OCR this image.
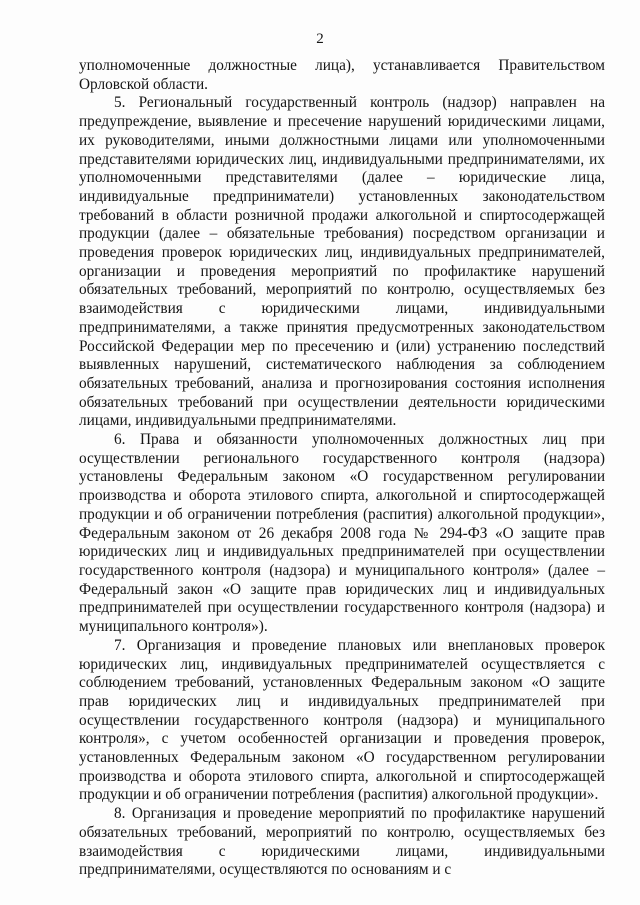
2

уполномоченные должностные лица), устанавливается Правительством Орловской области.

5. Региональный государственный контроль (надзор) направлен на предупреждение, выявление и пресечение нарушений юридическими лицами, их руководителями, иными должностными лицами или уполномоченными представителями юридических лиц, индивидуальными предпринимателями, их уполномоченными представителями (далее – юридические лица, индивидуальные предприниматели) установленных законодательством требований в области розничной продажи алкогольной и спиртосодержащей продукции (далее – обязательные требования) посредством организации и проведения проверок юридических лиц, индивидуальных предпринимателей, организации и проведения мероприятий по профилактике нарушений обязательных требований, мероприятий по контролю, осуществляемых без взаимодействия с юридическими лицами, индивидуальными предпринимателями, а также принятия предусмотренных законодательством Российской Федерации мер по пресечению и (или) устранению последствий выявленных нарушений, систематического наблюдения за соблюдением обязательных требований, анализа и прогнозирования состояния исполнения обязательных требований при осуществлении деятельности юридическими лицами, индивидуальными предпринимателями.

6. Права и обязанности уполномоченных должностных лиц при осуществлении регионального государственного контроля (надзора) установлены Федеральным законом «О государственном регулировании производства и оборота этилового спирта, алкогольной и спиртосодержащей продукции и об ограничении потребления (распития) алкогольной продукции», Федеральным законом от 26 декабря 2008 года № 294-ФЗ «О защите прав юридических лиц и индивидуальных предпринимателей при осуществлении государственного контроля (надзора) и муниципального контроля» (далее – Федеральный закон «О защите прав юридических лиц и индивидуальных предпринимателей при осуществлении государственного контроля (надзора) и муниципального контроля»).

7. Организация и проведение плановых или внеплановых проверок юридических лиц, индивидуальных предпринимателей осуществляется с соблюдением требований, установленных Федеральным законом «О защите прав юридических лиц и индивидуальных предпринимателей при осуществлении государственного контроля (надзора) и муниципального контроля», с учетом особенностей организации и проведения проверок, установленных Федеральным законом «О государственном регулировании производства и оборота этилового спирта, алкогольной и спиртосодержащей продукции и об ограничении потребления (распития) алкогольной продукции».

8. Организация и проведение мероприятий по профилактике нарушений обязательных требований, мероприятий по контролю, осуществляемых без взаимодействия с юридическими лицами, индивидуальными предпринимателями, осуществляются по основаниям и с
